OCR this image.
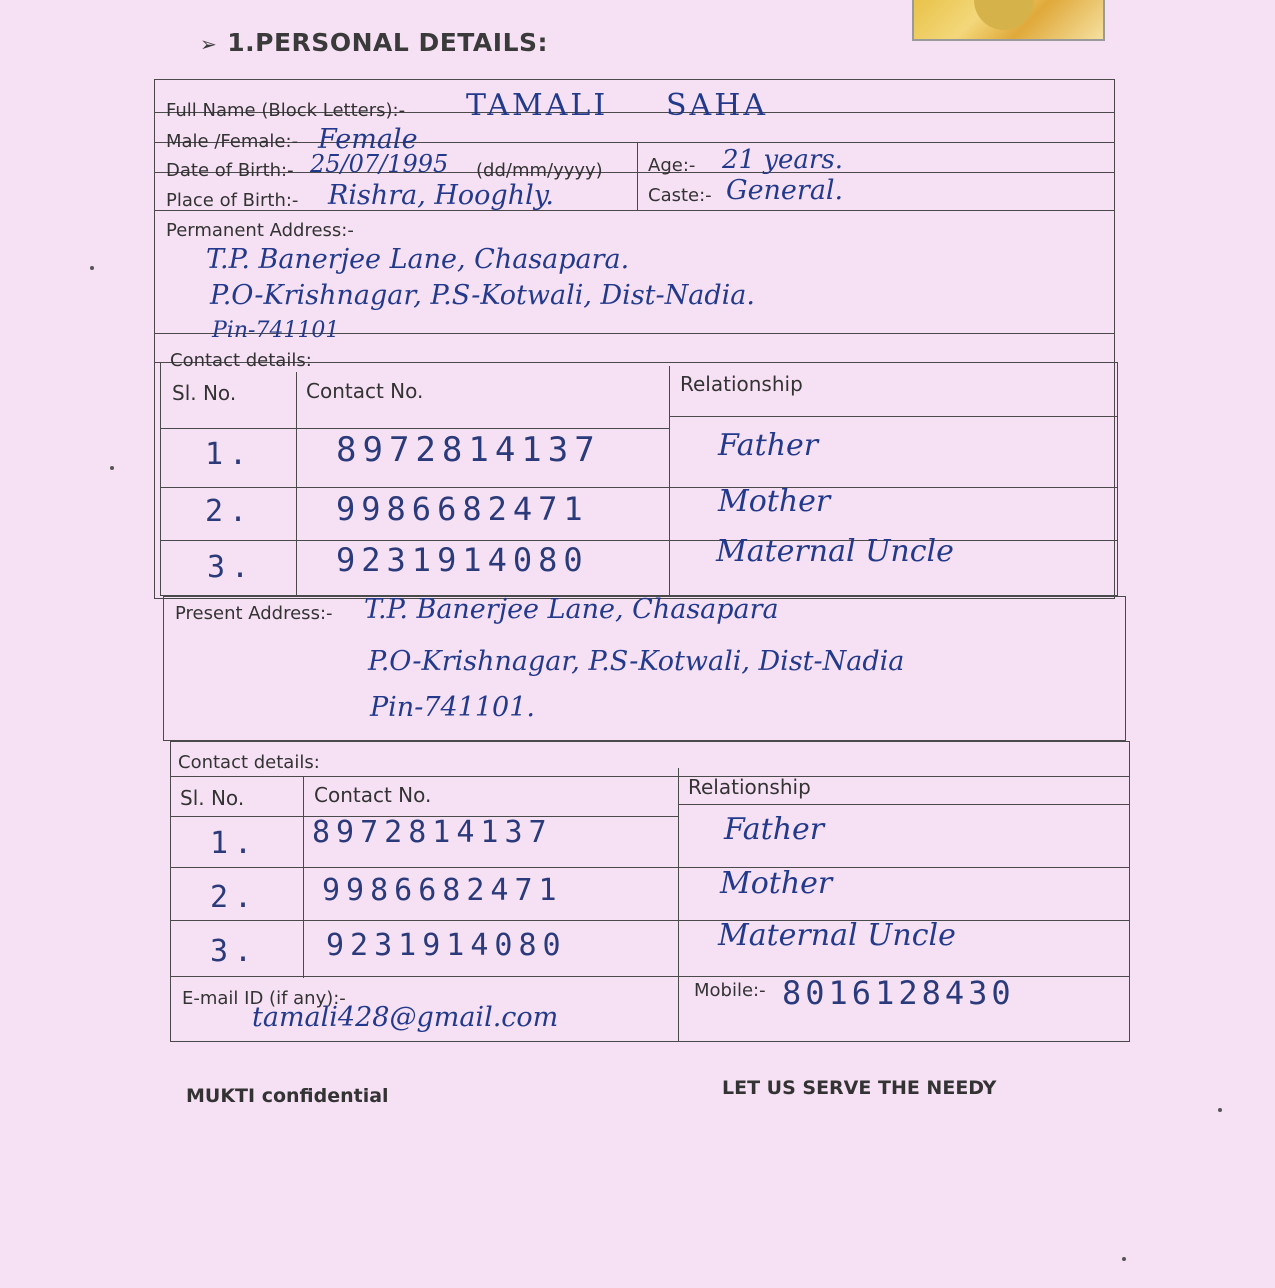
➢ 1.PERSONAL DETAILS:
Full Name (Block Letters):- TAMALI SAHA
Male /Female:- Female
Date of Birth:- 25/07/1995 (dd/mm/yyyy)	Age:- 21 years.
Place of Birth:- Rishra, Hooghly.	Caste:- General.
Permanent Address:-
T.P. Banerjee Lane, Chasapara.
P.O-Krishnagar, P.S-Kotwali, Dist-Nadia.
Pin-741101
Contact details:
Sl. No.	Contact No.	Relationship
1. 8972814137	Father
2.	9986682471	Mother
3.	9231914080	Maternal Uncle
Present Address:- T.P. Banerjee Lane, Chasapara
P.O-Krishnagar, P.S-Kotwali, Dist-Nadia
Pin-741101.
Contact details:
Sl. No.	Contact No.	Relationship
1. 8972814137	Father
2. 9986682471	Mother
3. 9231914080	Maternal Uncle
E-mail ID (if any):-
tamali428@gmail.com
Mobile:- 8016128430
MUKTI confidential	LET US SERVE THE NEEDY
